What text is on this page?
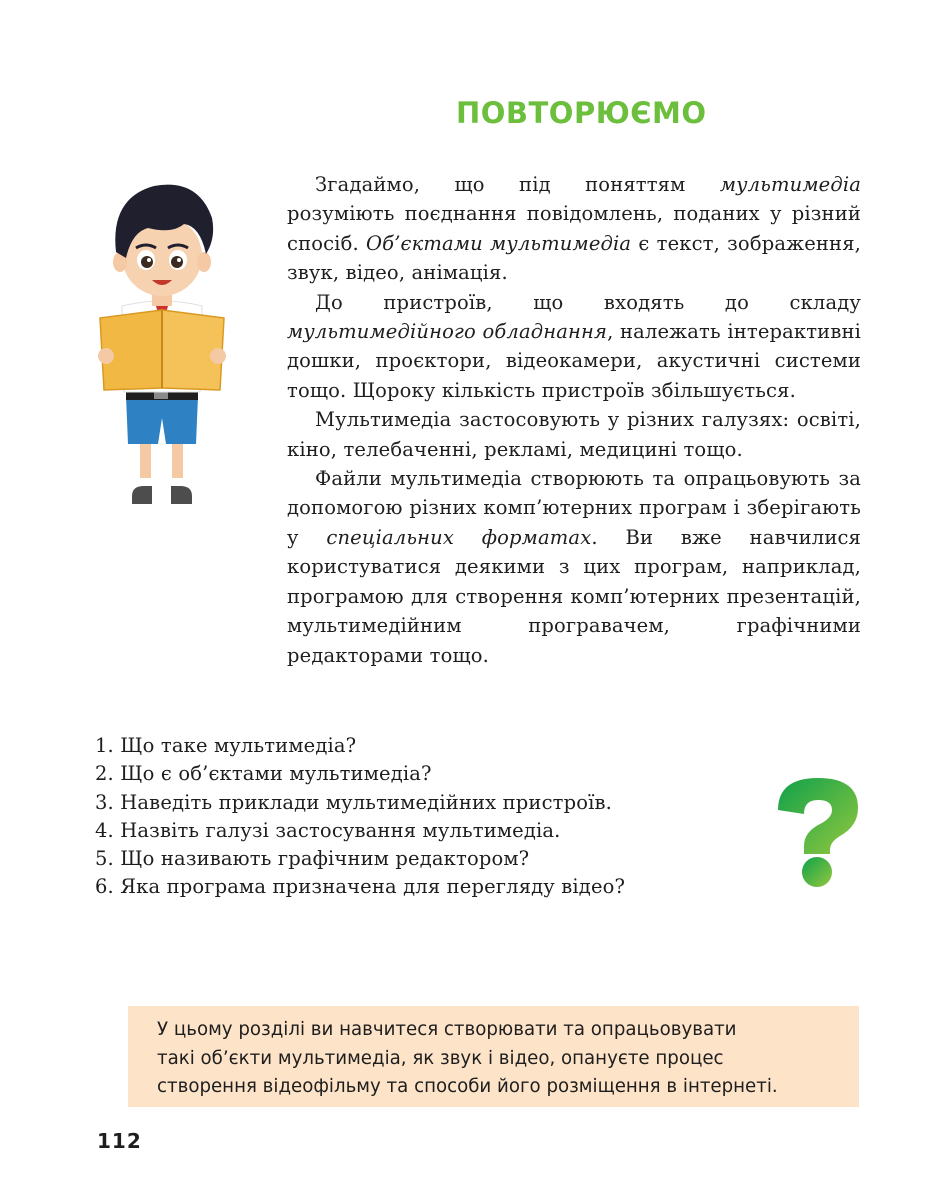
ПОВТОРЮЄМО

Згадаймо, що під поняттям мультимедіа розуміють поєднання повідомлень, поданих у різний спосіб. Об’єктами мультимедіа є текст, зображення, звук, відео, анімація.

До пристроїв, що входять до складу мультимедійного обладнання, належать інтерактивні дошки, проєктори, відеокамери, акустичні системи тощо. Щороку кількість пристроїв збільшується.

Мультимедіа застосовують у різних галузях: освіті, кіно, телебаченні, рекламі, медицині тощо.

Файли мультимедіа створюють та опрацьовують за допомогою різних комп’ютерних програм і зберігають у спеціальних форматах. Ви вже навчилися користуватися деякими з цих програм, наприклад, програмою для створення комп’ютерних презентацій, мультимедійним програвачем, графічними редакторами тощо.

1. Що таке мультимедіа?
2. Що є об’єктами мультимедіа?
3. Наведіть приклади мультимедійних пристроїв.
4. Назвіть галузі застосування мультимедіа.
5. Що називають графічним редактором?
6. Яка програма призначена для перегляду відео?
У цьому розділі ви навчитеся створювати та опрацьовувати
такі об’єкти мультимедіа, як звук і відео, опануєте процес
створення відеофільму та способи його розміщення в інтернеті.
112
